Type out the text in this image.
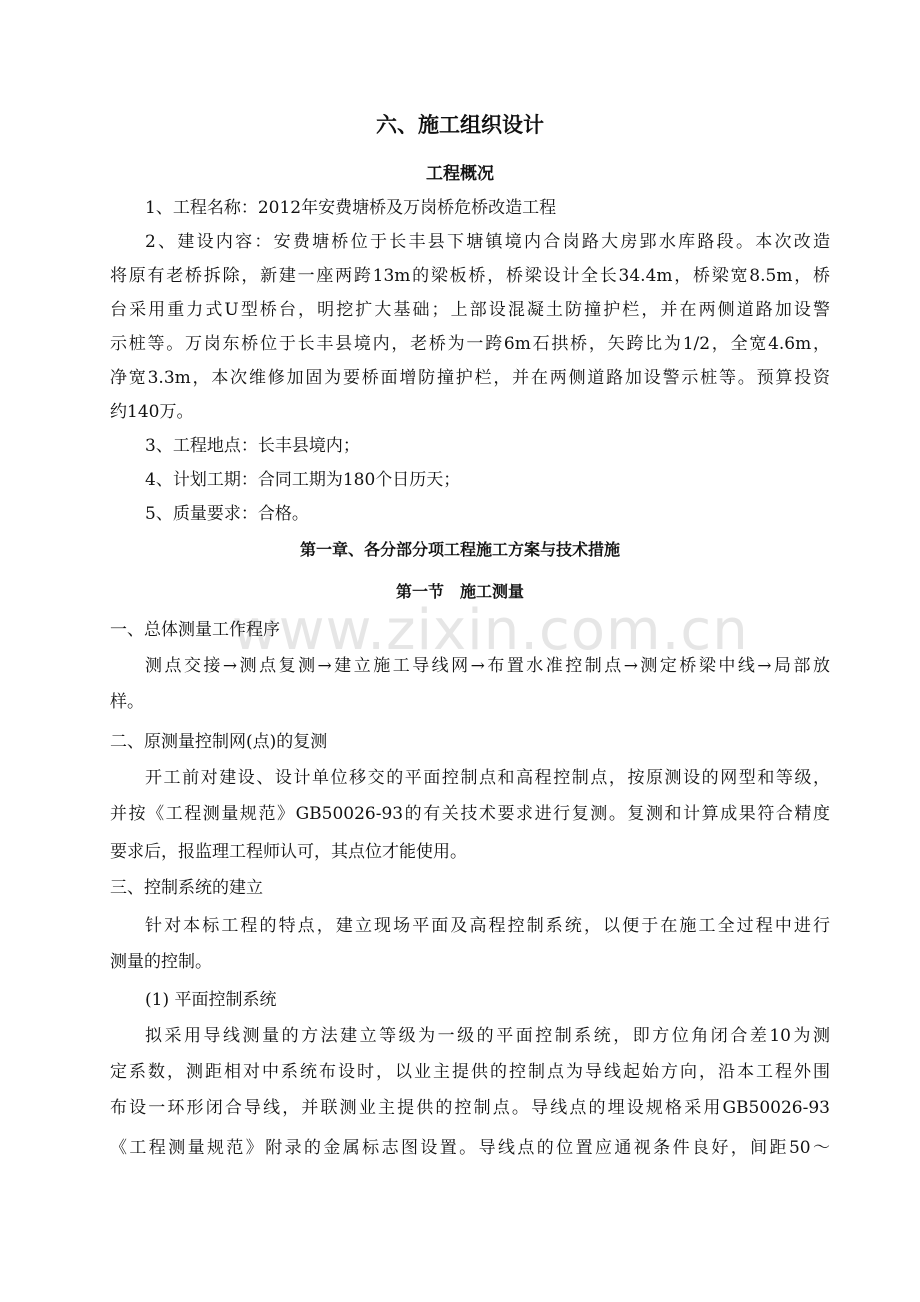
www.zixin.com.cn
六、施工组织设计
工程概况
1、工程名称：2012年安费塘桥及万岗桥危桥改造工程
2、建设内容：安费塘桥位于长丰县下塘镇境内合岗路大房郢水库路段。本次改造
将原有老桥拆除，新建一座两跨13m的梁板桥，桥梁设计全长34.4m，桥梁宽8.5m，桥
台采用重力式U型桥台，明挖扩大基础；上部设混凝土防撞护栏，并在两侧道路加设警
示桩等。万岗东桥位于长丰县境内，老桥为一跨6m石拱桥，矢跨比为1/2，全宽4.6m，
净宽3.3m，本次维修加固为要桥面增防撞护栏，并在两侧道路加设警示桩等。预算投资
约140万。
3、工程地点：长丰县境内；
4、计划工期：合同工期为180个日历天；
5、质量要求：合格。
第一章、各分部分项工程施工方案与技术措施
第一节　施工测量
一、总体测量工作程序
测点交接→测点复测→建立施工导线网→布置水准控制点→测定桥梁中线→局部放
样。
二、原测量控制网(点)的复测
开工前对建设、设计单位移交的平面控制点和高程控制点，按原测设的网型和等级，
并按《工程测量规范》GB50026-93的有关技术要求进行复测。复测和计算成果符合精度
要求后，报监理工程师认可，其点位才能使用。
三、控制系统的建立
针对本标工程的特点，建立现场平面及高程控制系统，以便于在施工全过程中进行
测量的控制。
(1) 平面控制系统
拟采用导线测量的方法建立等级为一级的平面控制系统，即方位角闭合差10为测
定系数，测距相对中系统布设时，以业主提供的控制点为导线起始方向，沿本工程外围
布设一环形闭合导线，并联测业主提供的控制点。导线点的埋设规格采用GB50026-93
《工程测量规范》附录的金属标志图设置。导线点的位置应通视条件良好，间距50～
